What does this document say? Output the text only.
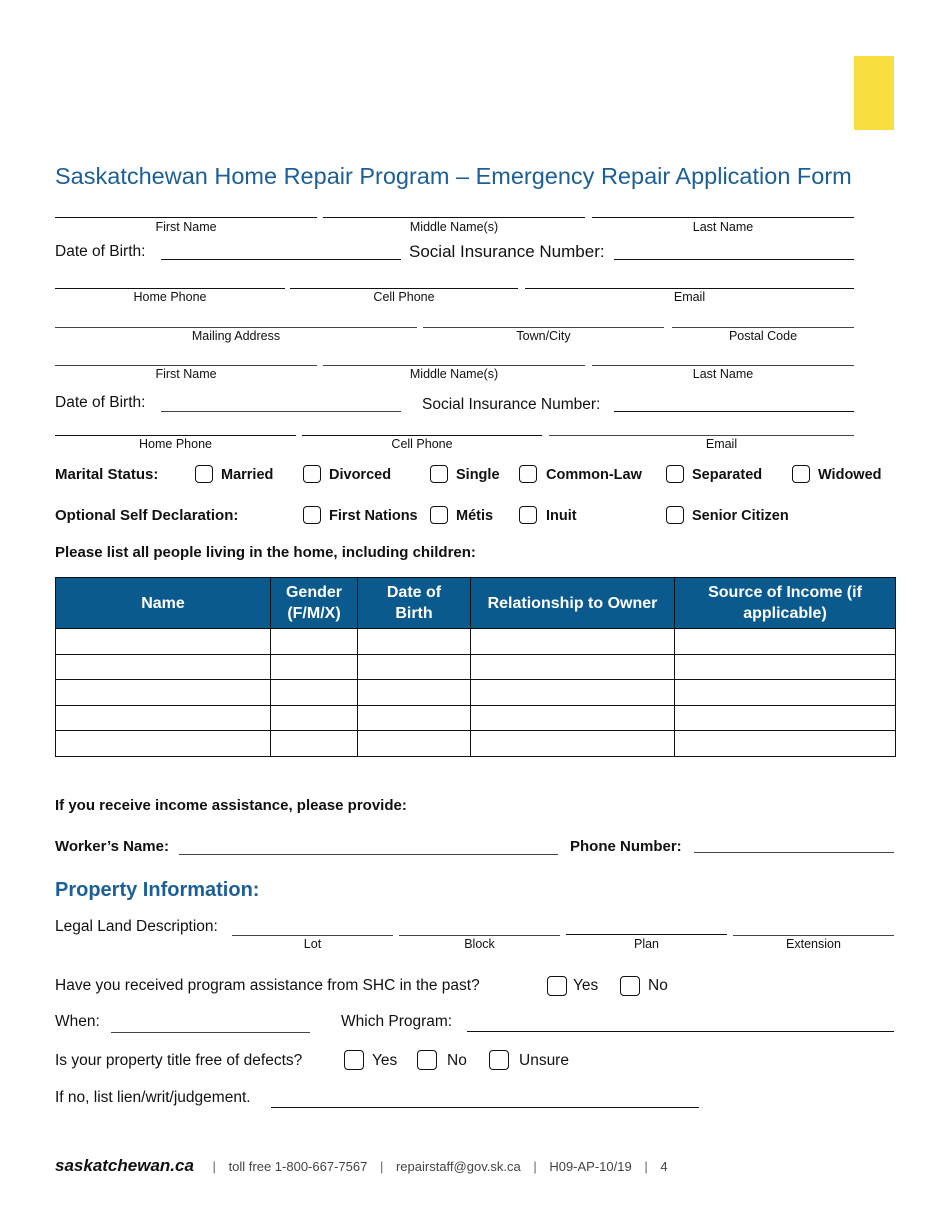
Saskatchewan Home Repair Program – Emergency Repair Application Form
First Name	Middle Name(s)	Last Name
Date of Birth:	Social Insurance Number:
Home Phone	Cell Phone	Email
Mailing Address	Town/City	Postal Code
First Name	Middle Name(s)	Last Name
Date of Birth:	Social Insurance Number:
Home Phone	Cell Phone	Email
Marital Status:	Married	Divorced	Single	Common-Law	Separated	Widowed
Optional Self Declaration:	First Nations	Métis	Inuit	Senior Citizen
Please list all people living in the home, including children:
Name	Gender (F/M/X)	Date of Birth	Relationship to Owner	Source of Income (if applicable)

If you receive income assistance, please provide:
Worker’s Name:	Phone Number:
Property Information:
Legal Land Description:
Lot	Block	Plan	Extension
Have you received program assistance from SHC in the past?	Yes	No
When:	Which Program:
Is your property title free of defects?	Yes	No	Unsure
If no, list lien/writ/judgement.
saskatchewan.ca | toll free 1-800-667-7567 | repairstaff@gov.sk.ca | H09-AP-10/19 | 4
